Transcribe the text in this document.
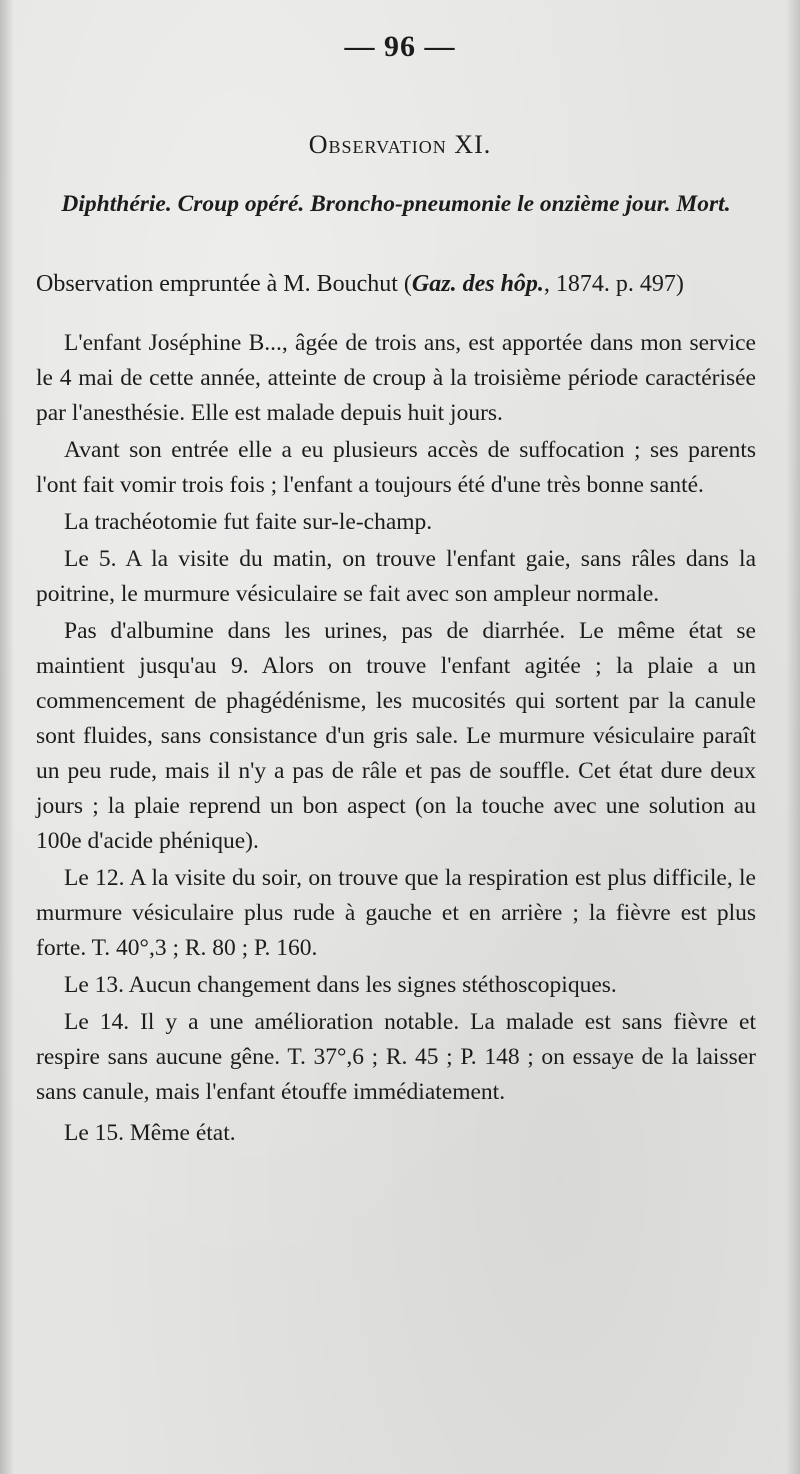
— 96 —
Observation XI.
Diphthérie. Croup opéré. Broncho-pneumonie le onzième jour. Mort.
Observation empruntée à M. Bouchut (Gaz. des hôp., 1874. p. 497)

L'enfant Joséphine B..., âgée de trois ans, est apportée dans mon service le 4 mai de cette année, atteinte de croup à la troisième période caractérisée par l'anesthésie. Elle est malade depuis huit jours.

Avant son entrée elle a eu plusieurs accès de suffocation ; ses parents l'ont fait vomir trois fois ; l'enfant a toujours été d'une très bonne santé.

La trachéotomie fut faite sur-le-champ.

Le 5. A la visite du matin, on trouve l'enfant gaie, sans râles dans la poitrine, le murmure vésiculaire se fait avec son ampleur normale.

Pas d'albumine dans les urines, pas de diarrhée. Le même état se maintient jusqu'au 9. Alors on trouve l'enfant agitée ; la plaie a un commencement de phagédénisme, les mucosités qui sortent par la canule sont fluides, sans consistance d'un gris sale. Le murmure vésiculaire paraît un peu rude, mais il n'y a pas de râle et pas de souffle. Cet état dure deux jours ; la plaie reprend un bon aspect (on la touche avec une solution au 100e d'acide phénique).

Le 12. A la visite du soir, on trouve que la respiration est plus difficile, le murmure vésiculaire plus rude à gauche et en arrière ; la fièvre est plus forte. T. 40°,3 ; R. 80 ; P. 160.

Le 13. Aucun changement dans les signes stéthoscopiques.

Le 14. Il y a une amélioration notable. La malade est sans fièvre et respire sans aucune gêne. T. 37°,6 ; R. 45 ; P. 148 ; on essaye de la laisser sans canule, mais l'enfant étouffe immédiatement.

Le 15. Même état.
